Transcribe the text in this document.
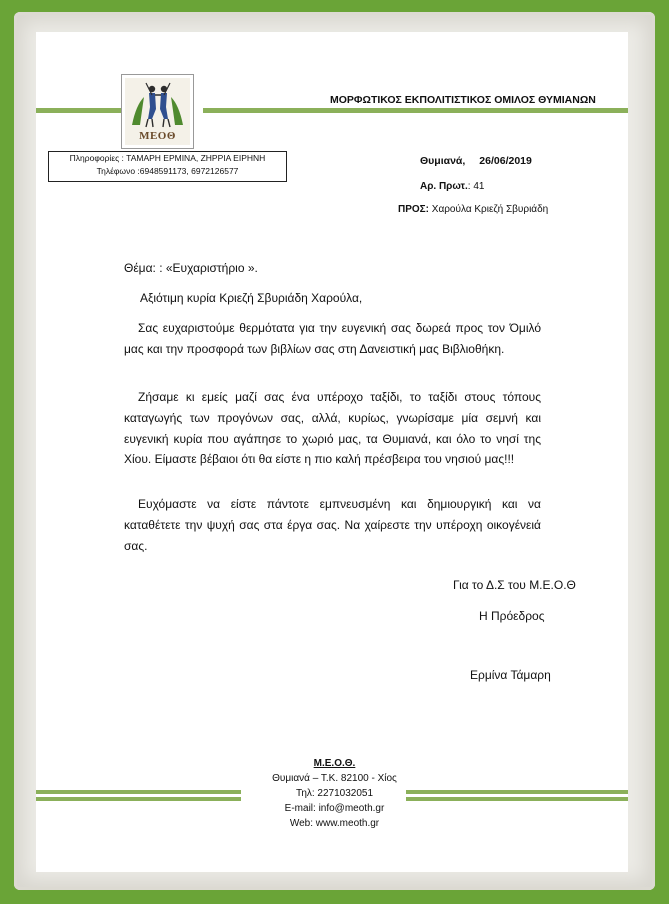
ΜΕΟΘ
ΜΟΡΦΩΤΙΚΟΣ ΕΚΠΟΛΙΤΙΣΤΙΚΟΣ ΟΜΙΛΟΣ ΘΥΜΙΑΝΩΝ
Πληροφορίες : ΤΑΜΑΡΗ ΕΡΜΙΝΑ, ΖΗΡΡΙΑ ΕΙΡΗΝΗ
Τηλέφωνο :6948591173, 6972126577
Θυμιανά, 26/06/2019
Αρ. Πρωτ.: 41
ΠΡΟΣ: Χαρούλα Κριεζή Σβυριάδη
Θέμα: : «Ευχαριστήριο ».
Αξιότιμη κυρία Κριεζή Σβυριάδη Χαρούλα,
Σας ευχαριστούμε θερμότατα για την ευγενική σας δωρεά προς τον Όμιλό μας και την προσφορά των βιβλίων σας στη Δανειστική μας Βιβλιοθήκη.
Ζήσαμε κι εμείς μαζί σας ένα υπέροχο ταξίδι, το ταξίδι στους τόπους καταγωγής των προγόνων σας, αλλά, κυρίως, γνωρίσαμε μία σεμνή και ευγενική κυρία που αγάπησε το χωριό μας, τα Θυμιανά, και όλο το νησί της Χίου. Είμαστε βέβαιοι ότι θα είστε η πιο καλή πρέσβειρα του νησιού μας!!!
Ευχόμαστε να είστε πάντοτε εμπνευσμένη και δημιουργική και να καταθέτετε την ψυχή σας στα έργα σας. Να χαίρεστε την υπέροχη οικογένειά σας.
Για το Δ.Σ του Μ.Ε.Ο.Θ
Η Πρόεδρος
Ερμίνα Τάμαρη
Μ.Ε.Ο.Θ.
Θυμιανά – Τ.Κ. 82100 - Χίος
Τηλ: 2271032051
E-mail: info@meoth.gr
Web: www.meoth.gr
